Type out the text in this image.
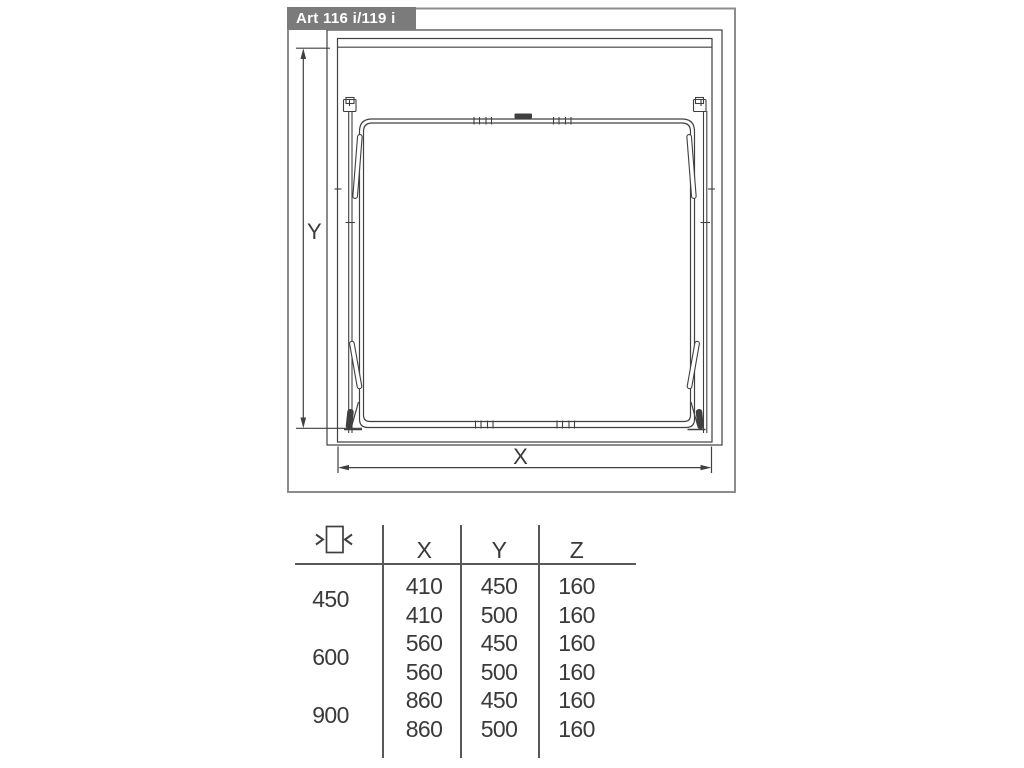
Y
X
Art 116 i/119 i
X	Y	Z
450
600
900
410 450 160
410 500 160
560 450 160
560 500 160
860 450 160
860 500 160
